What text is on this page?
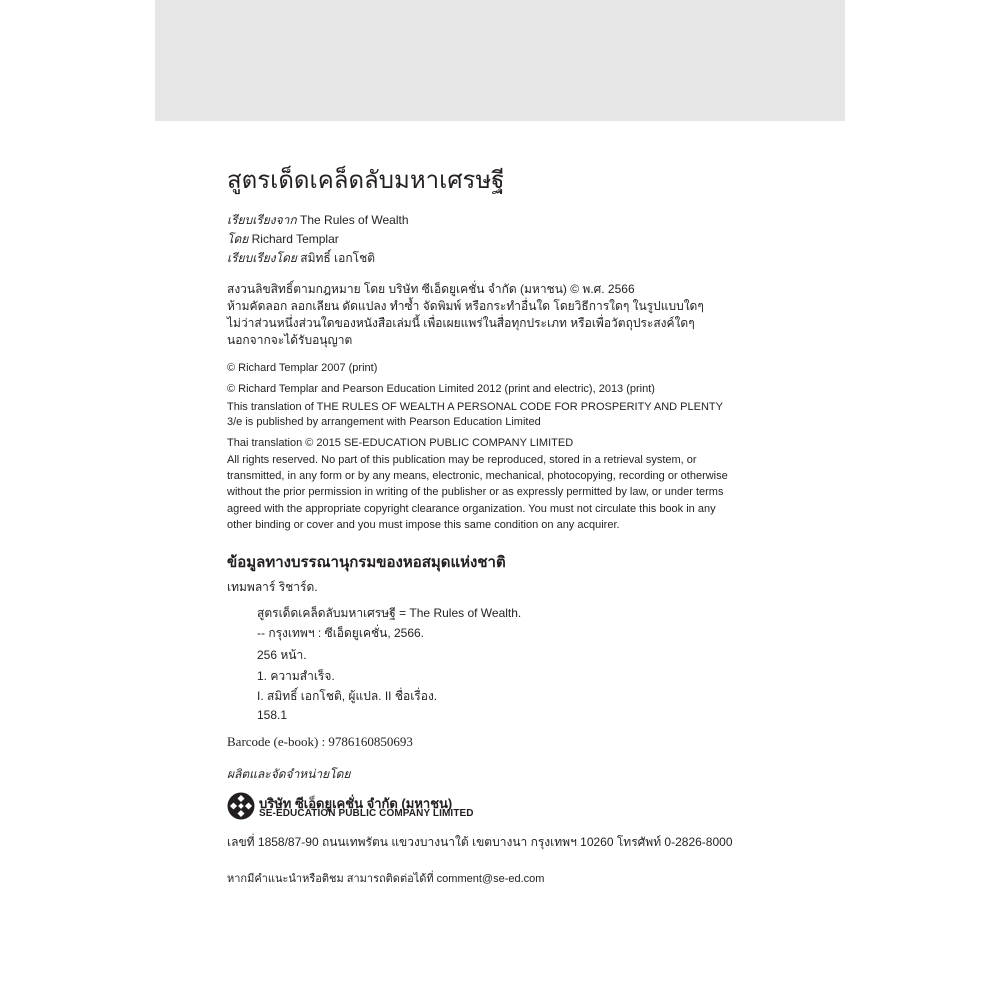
สูตรเด็ดเคล็ดลับมหาเศรษฐี
เรียบเรียงจาก The Rules of Wealth
โดย Richard Templar
เรียบเรียงโดย สมิทธิ์ เอกโชติ
สงวนลิขสิทธิ์ตามกฎหมาย โดย บริษัท ซีเอ็ดยูเคชั่น จำกัด (มหาชน) © พ.ศ. 2566
ห้ามคัดลอก ลอกเลียน ดัดแปลง ทำซ้ำ จัดพิมพ์ หรือกระทำอื่นใด โดยวิธีการใดๆ ในรูปแบบใดๆ
ไม่ว่าส่วนหนึ่งส่วนใดของหนังสือเล่มนี้ เพื่อเผยแพร่ในสื่อทุกประเภท หรือเพื่อวัตถุประสงค์ใดๆ
นอกจากจะได้รับอนุญาต
© Richard Templar 2007 (print)
© Richard Templar and Pearson Education Limited 2012 (print and electric), 2013 (print)
This translation of THE RULES OF WEALTH A PERSONAL CODE FOR PROSPERITY AND PLENTY
3/e is published by arrangement with Pearson Education Limited
Thai translation © 2015 SE-EDUCATION PUBLIC COMPANY LIMITED
All rights reserved. No part of this publication may be reproduced, stored in a retrieval system, or
transmitted, in any form or by any means, electronic, mechanical, photocopying, recording or otherwise
without the prior permission in writing of the publisher or as expressly permitted by law, or under terms
agreed with the appropriate copyright clearance organization. You must not circulate this book in any
other binding or cover and you must impose this same condition on any acquirer.
ข้อมูลทางบรรณานุกรมของหอสมุดแห่งชาติ
เทมพลาร์ ริชาร์ด.
สูตรเด็ดเคล็ดลับมหาเศรษฐี = The Rules of Wealth.
-- กรุงเทพฯ : ซีเอ็ดยูเคชั่น, 2566.
256 หน้า.
1. ความสำเร็จ.
I. สมิทธิ์ เอกโชติ, ผู้แปล. II ชื่อเรื่อง.
158.1
Barcode (e-book) : 9786160850693
ผลิตและจัดจำหน่ายโดย
บริษัท ซีเอ็ดยูเคชั่น จำกัด (มหาชน)
SE-EDUCATION PUBLIC COMPANY LIMITED
เลขที่ 1858/87-90 ถนนเทพรัตน แขวงบางนาใต้ เขตบางนา กรุงเทพฯ 10260 โทรศัพท์ 0-2826-8000
หากมีคำแนะนำหรือติชม สามารถติดต่อได้ที่ comment@se-ed.com
